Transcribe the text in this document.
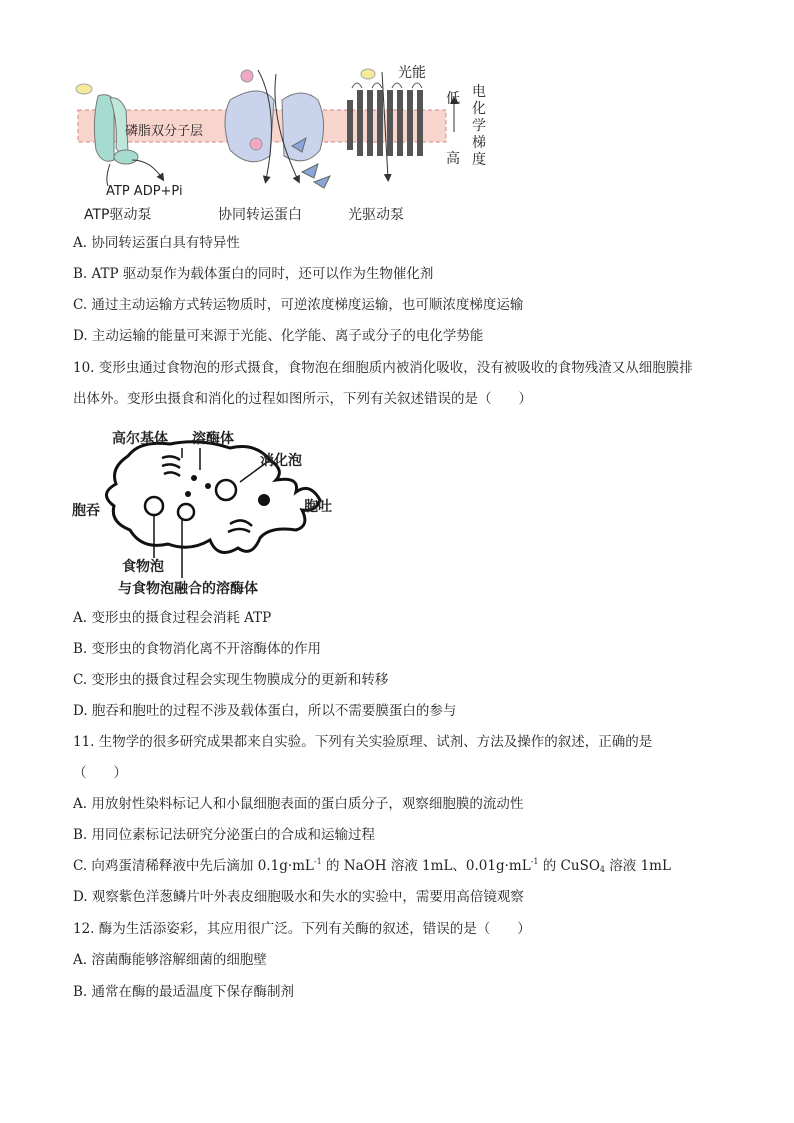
磷脂双分子层
光能
低
高
电化学梯度
ATP ADP+Pi
ATP驱动泵	协同转运蛋白	光驱动泵
A. 协同转运蛋白具有特异性
B. ATP 驱动泵作为载体蛋白的同时，还可以作为生物催化剂
C. 通过主动运输方式转运物质时，可逆浓度梯度运输，也可顺浓度梯度运输
D. 主动运输的能量可来源于光能、化学能、离子或分子的电化学势能
10. 变形虫通过食物泡的形式摄食，食物泡在细胞质内被消化吸收，没有被吸收的食物残渣又从细胞膜排
出体外。变形虫摄食和消化的过程如图所示，下列有关叙述错误的是（　　）
高尔基体 溶酶体
消化泡
胞吞	胞吐
食物泡
与食物泡融合的溶酶体
A. 变形虫的摄食过程会消耗 ATP
B. 变形虫的食物消化离不开溶酶体的作用
C. 变形虫的摄食过程会实现生物膜成分的更新和转移
D. 胞吞和胞吐的过程不涉及载体蛋白，所以不需要膜蛋白的参与
11. 生物学的很多研究成果都来自实验。下列有关实验原理、试剂、方法及操作的叙述，正确的是
（　　）
A. 用放射性染料标记人和小鼠细胞表面的蛋白质分子，观察细胞膜的流动性
B. 用同位素标记法研究分泌蛋白的合成和运输过程
C. 向鸡蛋清稀释液中先后滴加 $0.1g\cdot mL^{-1}$ 的 NaOH 溶液 1mL、$0.01g\cdot mL^{-1}$ 的 CuSO$_4$ 溶液 1mL
D. 观察紫色洋葱鳞片叶外表皮细胞吸水和失水的实验中，需要用高倍镜观察
12. 酶为生活添姿彩，其应用很广泛。下列有关酶的叙述，错误的是（　　）
A. 溶菌酶能够溶解细菌的细胞壁
B. 通常在酶的最适温度下保存酶制剂
